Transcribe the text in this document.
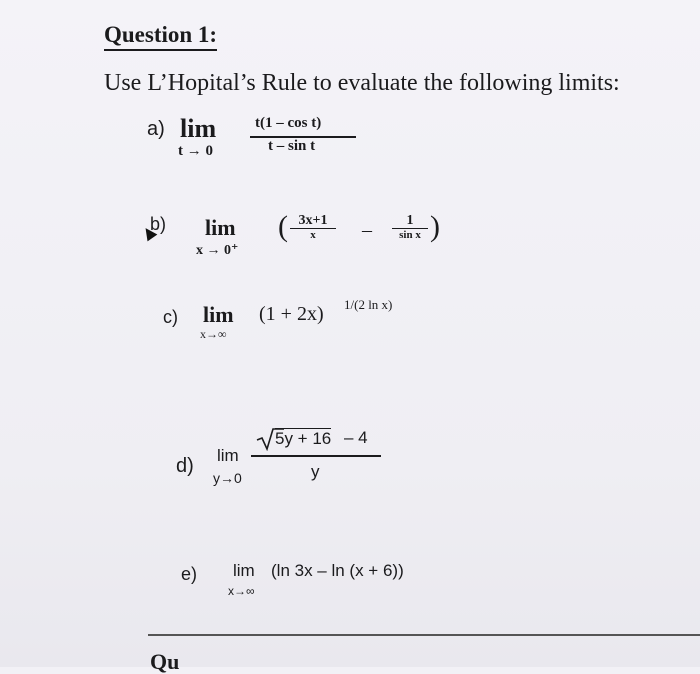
Question 1:
Use L’Hopital’s Rule to evaluate the following limits:
a) lim
t → 0
t(1 – cos t)
t – sin t
b) lim
x → 0⁺
( 3x+1
x	–	1
sin x )
c) lim
x→∞
(1 + 2x) 1/(2 ln x)
d) lim
y→0
5y + 16 – 4
y
e) lim
x→∞
(ln 3x – ln (x + 6))
Qu
